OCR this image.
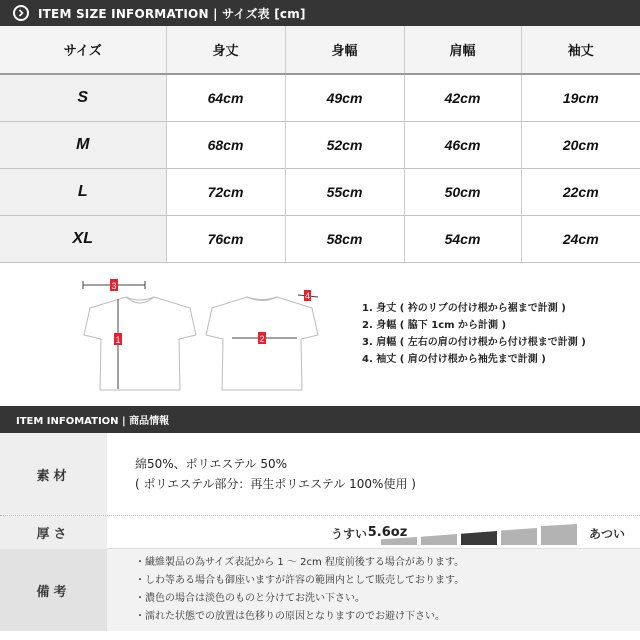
ITEM SIZE INFORMATION | サイズ表 [cm]
サイズ	身丈	身幅	肩幅	袖丈
S	64cm	49cm	42cm	19cm
M	68cm	52cm	46cm	20cm
L	72cm	55cm	50cm	22cm
XL	76cm	58cm	54cm	24cm
3
1	2
4
1. 身丈 ( 衿のリブの付け根から裾まで計測 )
2. 身幅 ( 脇下 1cm から計測 )
3. 肩幅 ( 左右の肩の付け根から付け根まで計測 )
4. 袖丈 ( 肩の付け根から袖先まで計測 )
ITEM INFOMATION | 商品情報
素材
綿50%、ポリエステル 50%
( ポリエステル部分：再生ポリエステル 100%使用 )
厚さ	5.6oz
うすい	あつい
備考
・繊維製品の為サイズ表記から 1 ～ 2cm 程度前後する場合があります。
・しわ等ある場合も御座いますが許容の範囲内として販売しております。
・濃色の場合は淡色のものと分けてお洗い下さい。
・濡れた状態での放置は色移りの原因となりますのでお避け下さい。
